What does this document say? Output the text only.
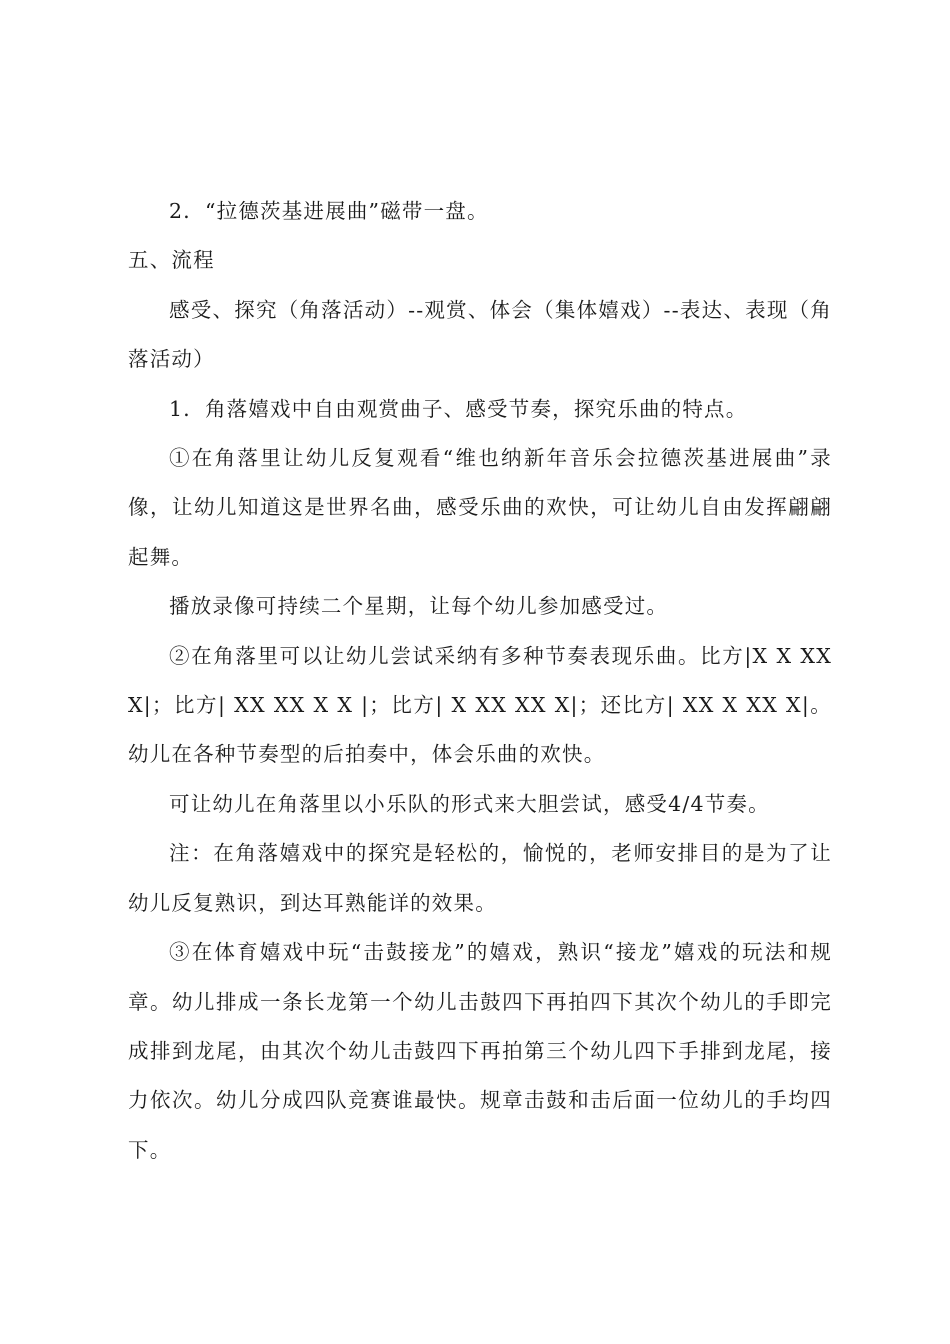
2．“拉德茨基进展曲”磁带一盘。

五、流程

感受、探究（角落活动）--观赏、体会（集体嬉戏）--表达、表现（角落活动）

1．角落嬉戏中自由观赏曲子、感受节奏，探究乐曲的特点。

①在角落里让幼儿反复观看“维也纳新年音乐会拉德茨基进展曲”录像，让幼儿知道这是世界名曲，感受乐曲的欢快，可让幼儿自由发挥翩翩起舞。

播放录像可持续二个星期，让每个幼儿参加感受过。

②在角落里可以让幼儿尝试采纳有多种节奏表现乐曲。比方|X X XX X|；比方| XX XX X X |；比方| X XX XX X|；还比方| XX X XX X|。幼儿在各种节奏型的后拍奏中，体会乐曲的欢快。

可让幼儿在角落里以小乐队的形式来大胆尝试，感受4/4节奏。

注：在角落嬉戏中的探究是轻松的，愉悦的，老师安排目的是为了让幼儿反复熟识，到达耳熟能详的效果。

③在体育嬉戏中玩“击鼓接龙”的嬉戏，熟识“接龙”嬉戏的玩法和规章。幼儿排成一条长龙第一个幼儿击鼓四下再拍四下其次个幼儿的手即完成排到龙尾，由其次个幼儿击鼓四下再拍第三个幼儿四下手排到龙尾，接力依次。幼儿分成四队竞赛谁最快。规章击鼓和击后面一位幼儿的手均四下。
